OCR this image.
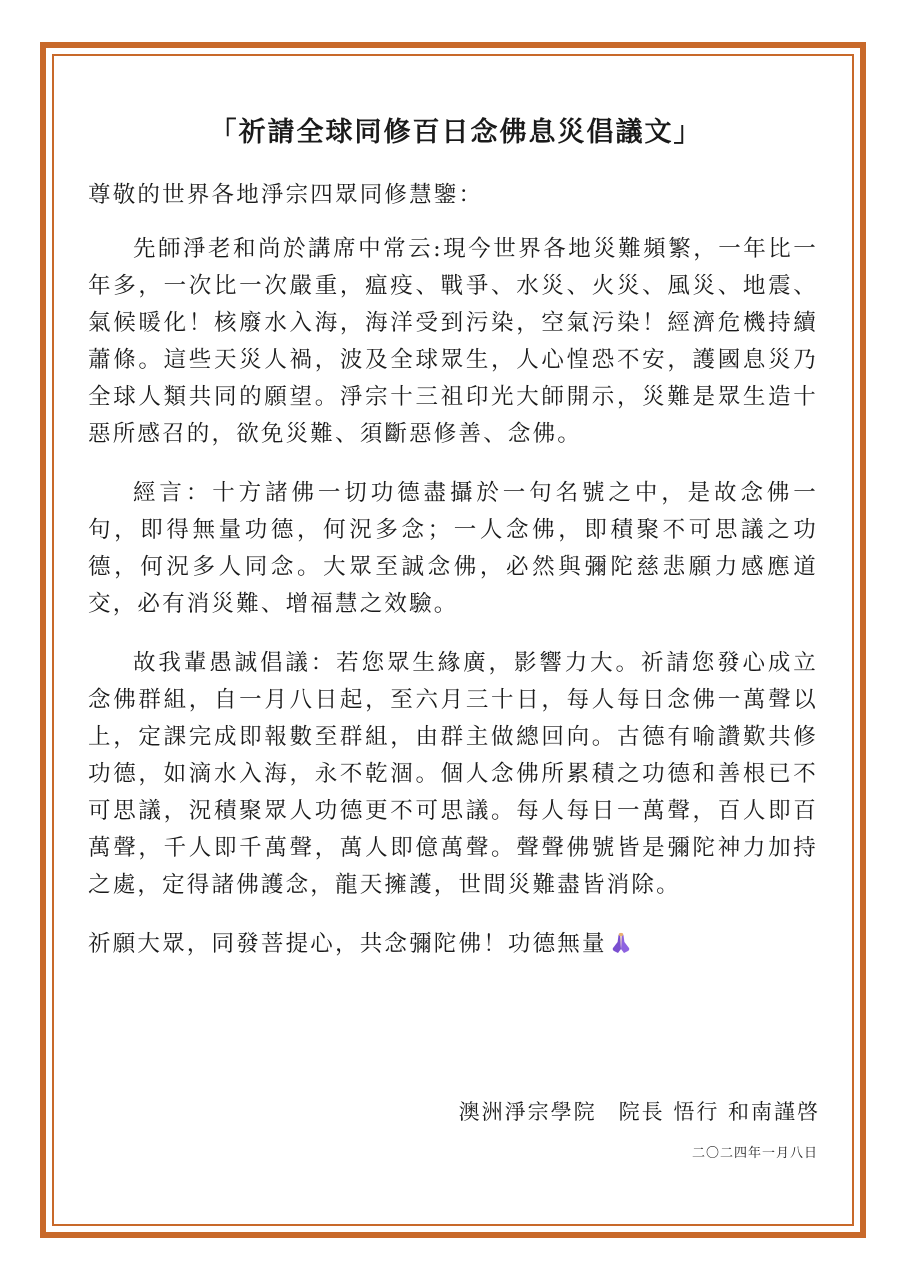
「祈請全球同修百日念佛息災倡議文」

尊敬的世界各地淨宗四眾同修慧鑒：

先師淨老和尚於講席中常云:現今世界各地災難頻繁，一年比一年多，一次比一次嚴重，瘟疫、戰爭、水災、火災、風災、地震、氣候暖化！核廢水入海，海洋受到污染，空氣污染！經濟危機持續蕭條。這些天災人禍，波及全球眾生，人心惶恐不安，護國息災乃全球人類共同的願望。淨宗十三祖印光大師開示，災難是眾生造十惡所感召的，欲免災難、須斷惡修善、念佛。

經言：十方諸佛一切功德盡攝於一句名號之中，是故念佛一句，即得無量功德，何況多念；一人念佛，即積聚不可思議之功德，何況多人同念。大眾至誠念佛，必然與彌陀慈悲願力感應道交，必有消災難、增福慧之效驗。

故我輩愚誠倡議：若您眾生緣廣，影響力大。祈請您發心成立念佛群組，自一月八日起，至六月三十日，每人每日念佛一萬聲以上，定課完成即報數至群組，由群主做總回向。古德有喻讚歎共修功德，如滴水入海，永不乾涸。個人念佛所累積之功德和善根已不可思議，況積聚眾人功德更不可思議。每人每日一萬聲，百人即百萬聲，千人即千萬聲，萬人即億萬聲。聲聲佛號皆是彌陀神力加持之處，定得諸佛護念，龍天擁護，世間災難盡皆消除。

祈願大眾，同發菩提心，共念彌陀佛！功德無量

澳洲淨宗學院 院長 悟行 和南謹啓
二〇二四年一月八日
